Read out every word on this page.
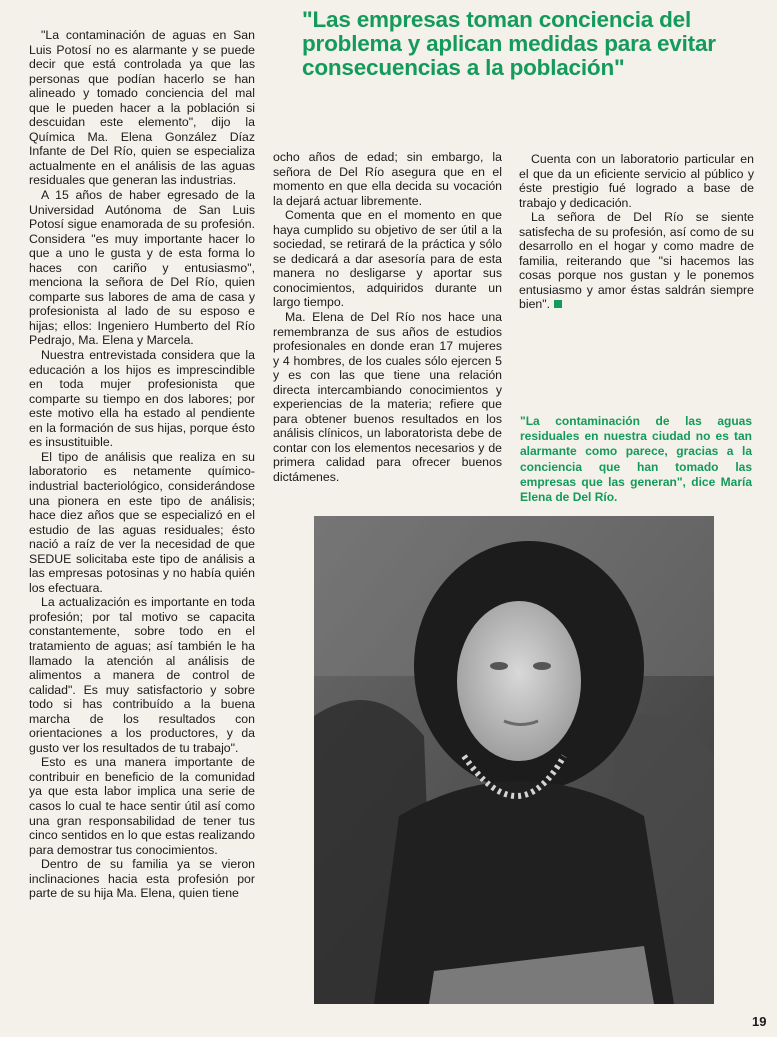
"Las empresas toman conciencia del problema y aplican medidas para evitar consecuencias a la población"

"La contaminación de aguas en San Luis Potosí no es alarmante y se puede decir que está controlada ya que las personas que podían hacerlo se han alineado y tomado conciencia del mal que le pueden hacer a la población si descuidan este elemento", dijo la Química Ma. Elena González Díaz Infante de Del Río, quien se especializa actualmente en el análisis de las aguas residuales que generan las industrias.

A 15 años de haber egresado de la Universidad Autónoma de San Luis Potosí sigue enamorada de su profesión. Considera "es muy importante hacer lo que a uno le gusta y de esta forma lo haces con cariño y entusiasmo", menciona la señora de Del Río, quien comparte sus labores de ama de casa y profesionista al lado de su esposo e hijas; ellos: Ingeniero Humberto del Río Pedrajo, Ma. Elena y Marcela.

Nuestra entrevistada considera que la educación a los hijos es imprescindible en toda mujer profesionista que comparte su tiempo en dos labores; por este motivo ella ha estado al pendiente en la formación de sus hijas, porque ésto es insustituible.

El tipo de análisis que realiza en su laboratorio es netamente químico-industrial bacteriológico, considerándose una pionera en este tipo de análisis; hace diez años que se especializó en el estudio de las aguas residuales; ésto nació a raíz de ver la necesidad de que SEDUE solicitaba este tipo de análisis a las empresas potosinas y no había quién los efectuara.

La actualización es importante en toda profesión; por tal motivo se capacita constantemente, sobre todo en el tratamiento de aguas; así también le ha llamado la atención al análisis de alimentos a manera de control de calidad". Es muy satisfactorio y sobre todo si has contribuído a la buena marcha de los resultados con orientaciones a los productores, y da gusto ver los resultados de tu trabajo".

Esto es una manera importante de contribuir en beneficio de la comunidad ya que esta labor implica una serie de casos lo cual te hace sentir útil así como una gran responsabilidad de tener tus cinco sentidos en lo que estas realizando para demostrar tus conocimientos.

Dentro de su familia ya se vieron inclinaciones hacia esta profesión por parte de su hija Ma. Elena, quien tiene

ocho años de edad; sin embargo, la señora de Del Río asegura que en el momento en que ella decida su vocación la dejará actuar libremente.

Comenta que en el momento en que haya cumplido su objetivo de ser útil a la sociedad, se retirará de la práctica y sólo se dedicará a dar asesoría para de esta manera no desligarse y aportar sus conocimientos, adquiridos durante un largo tiempo.

Ma. Elena de Del Río nos hace una remembranza de sus años de estudios profesionales en donde eran 17 mujeres y 4 hombres, de los cuales sólo ejercen 5 y es con las que tiene una relación directa intercambiando conocimientos y experiencias de la materia; refiere que para obtener buenos resultados en los análisis clínicos, un laboratorista debe de contar con los elementos necesarios y de primera calidad para ofrecer buenos dictámenes.

Cuenta con un laboratorio particular en el que da un eficiente servicio al público y éste prestigio fué logrado a base de trabajo y dedicación.

La señora de Del Río se siente satisfecha de su profesión, así como de su desarrollo en el hogar y como madre de familia, reiterando que "si hacemos las cosas porque nos gustan y le ponemos entusiasmo y amor éstas saldrán siempre bien".

"La contaminación de las aguas residuales en nuestra ciudad no es tan alarmante como parece, gracias a la conciencia que han tomado las empresas que las generan", dice María Elena de Del Río.
19
